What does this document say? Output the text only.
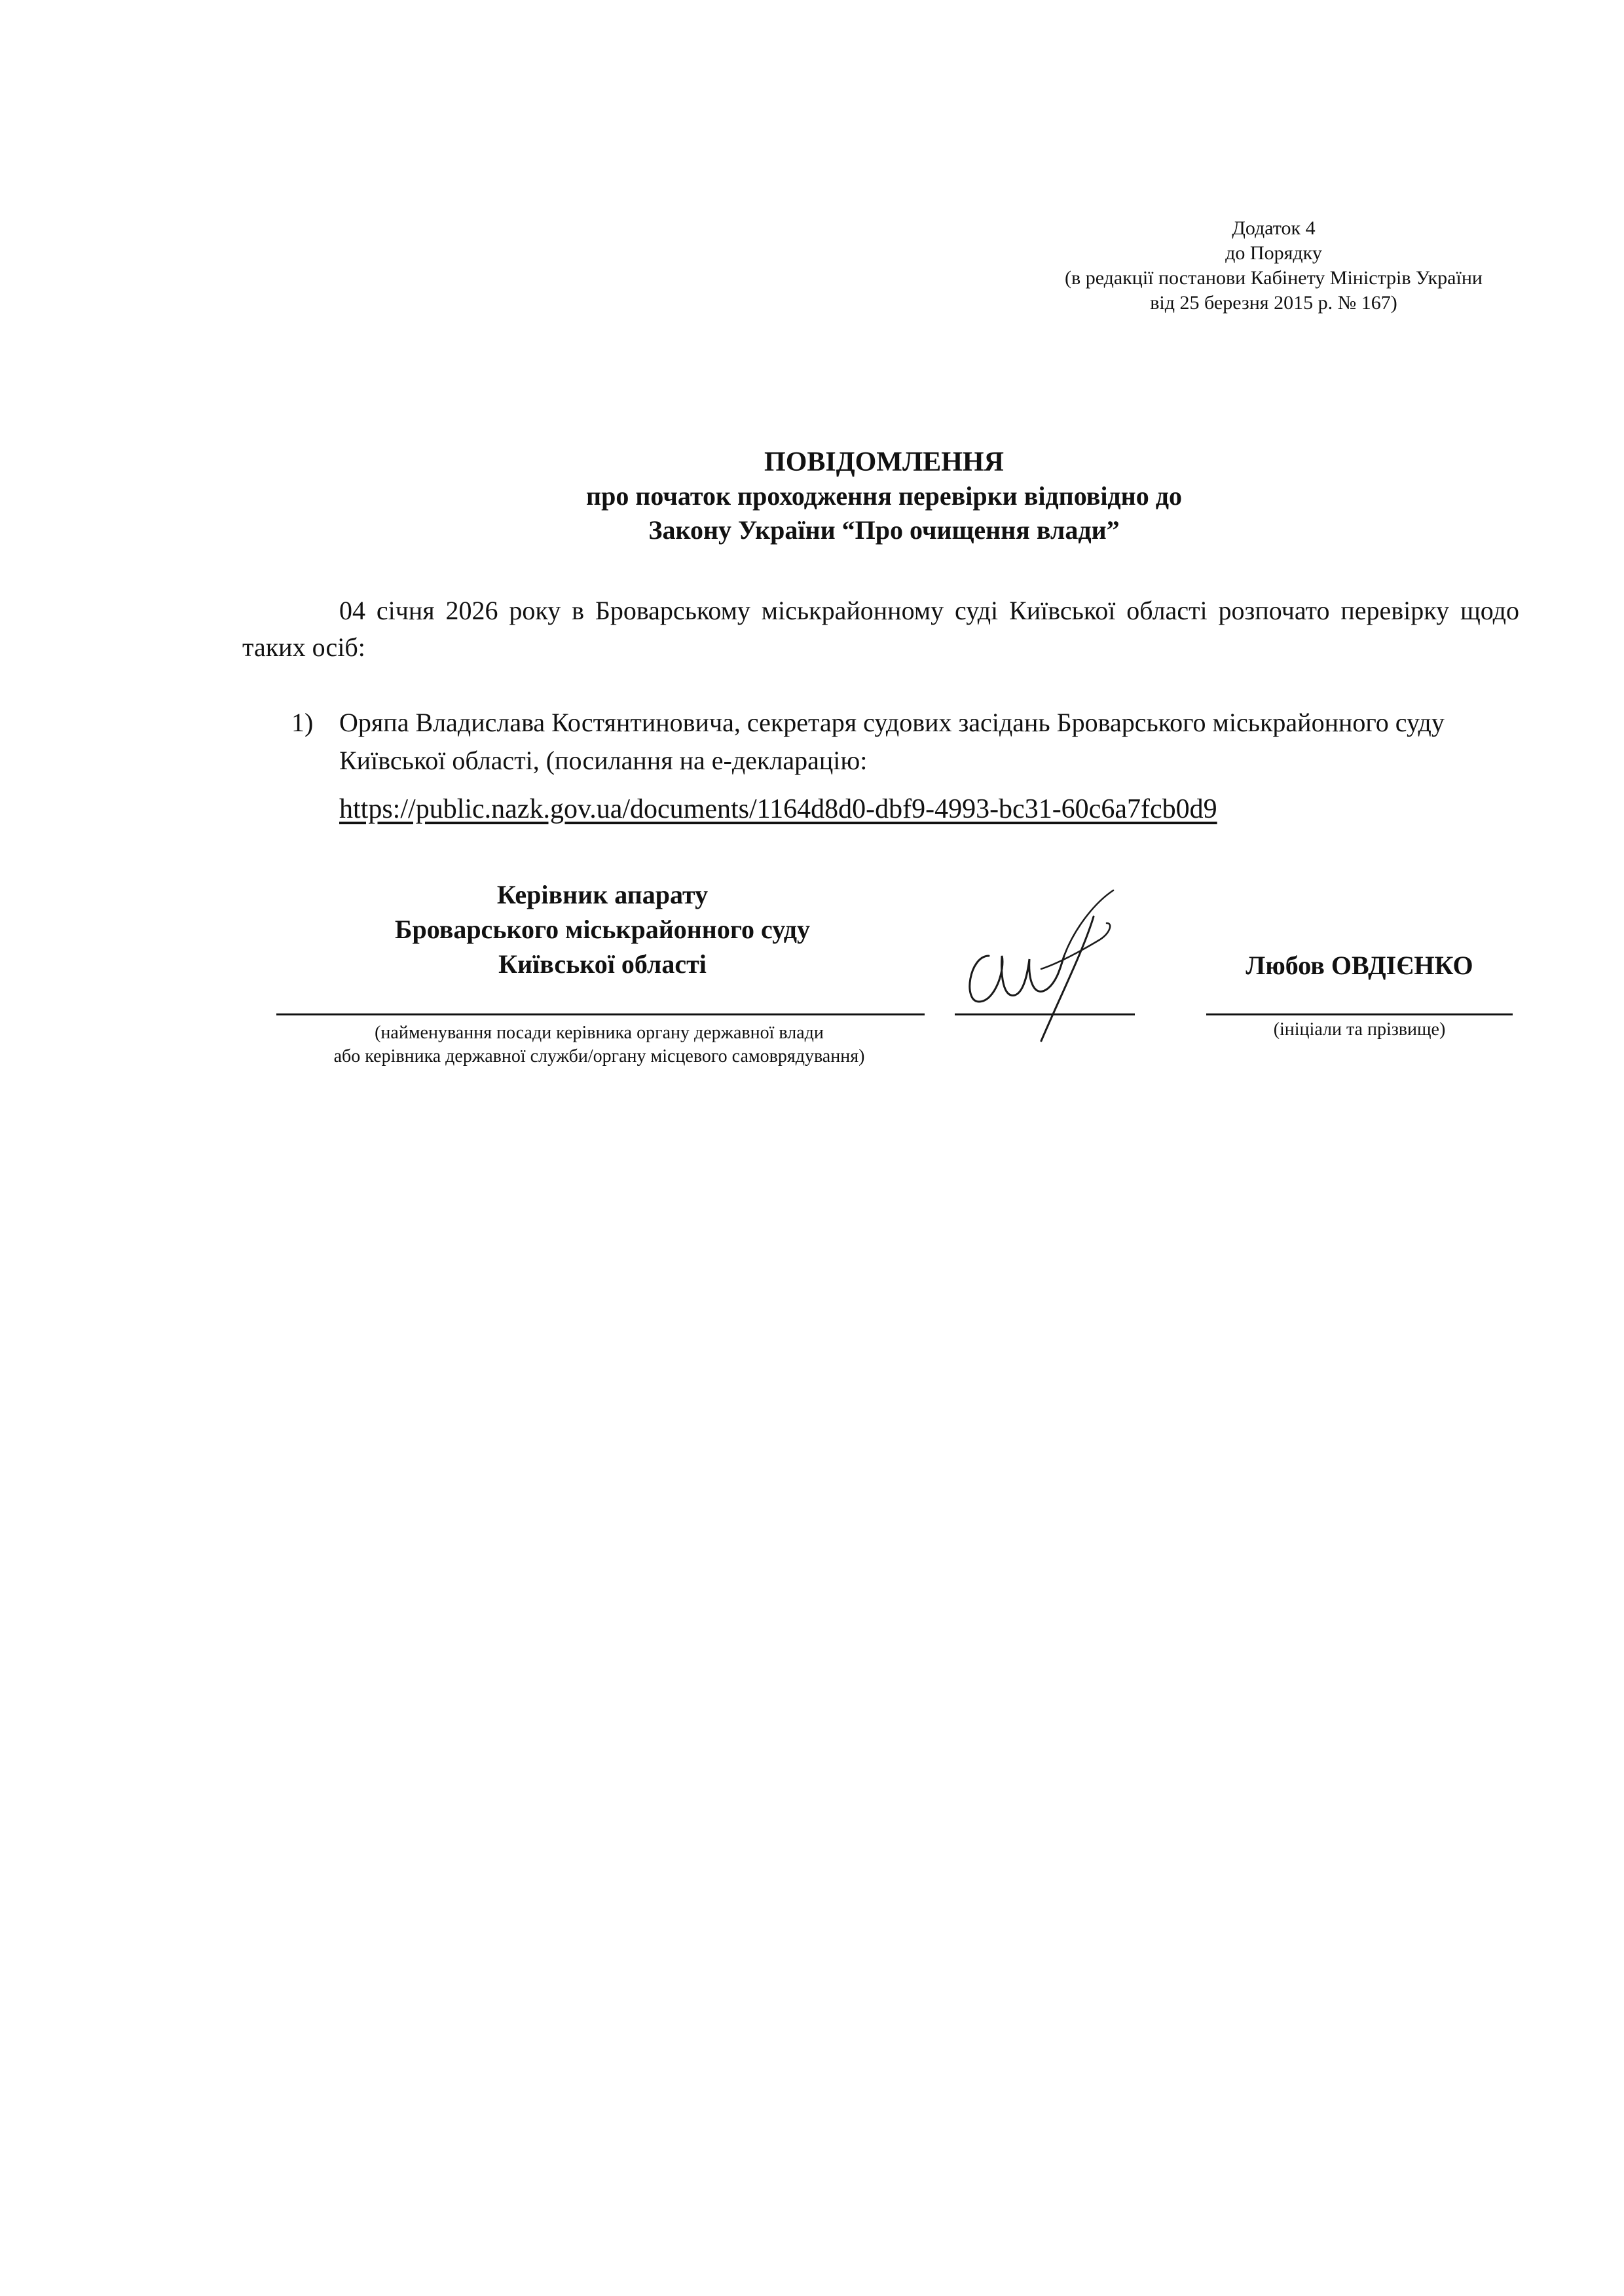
Додаток 4
до Порядку
(в редакції постанови Кабінету Міністрів України
від 25 березня 2015 р. № 167)
ПОВІДОМЛЕННЯ
про початок проходження перевірки відповідно до
Закону України “Про очищення влади”
04 січня 2026 року в Броварському міськрайонному суді Київської області розпочато перевірку щодо таких осіб:
1) Оряпа Владислава Костянтиновича, секретаря судових засідань Броварського міськрайонного суду Київської області, (посилання на е-декларацію:
https://public.nazk.gov.ua/documents/1164d8d0-dbf9-4993-bc31-60c6a7fcb0d9
Керівник апарату
Броварського міськрайонного суду
Київської області	Любов ОВДІЄНКО
(найменування посади керівника органу державної влади
або керівника державної служби/органу місцевого самоврядування)
(ініціали та прізвище)
